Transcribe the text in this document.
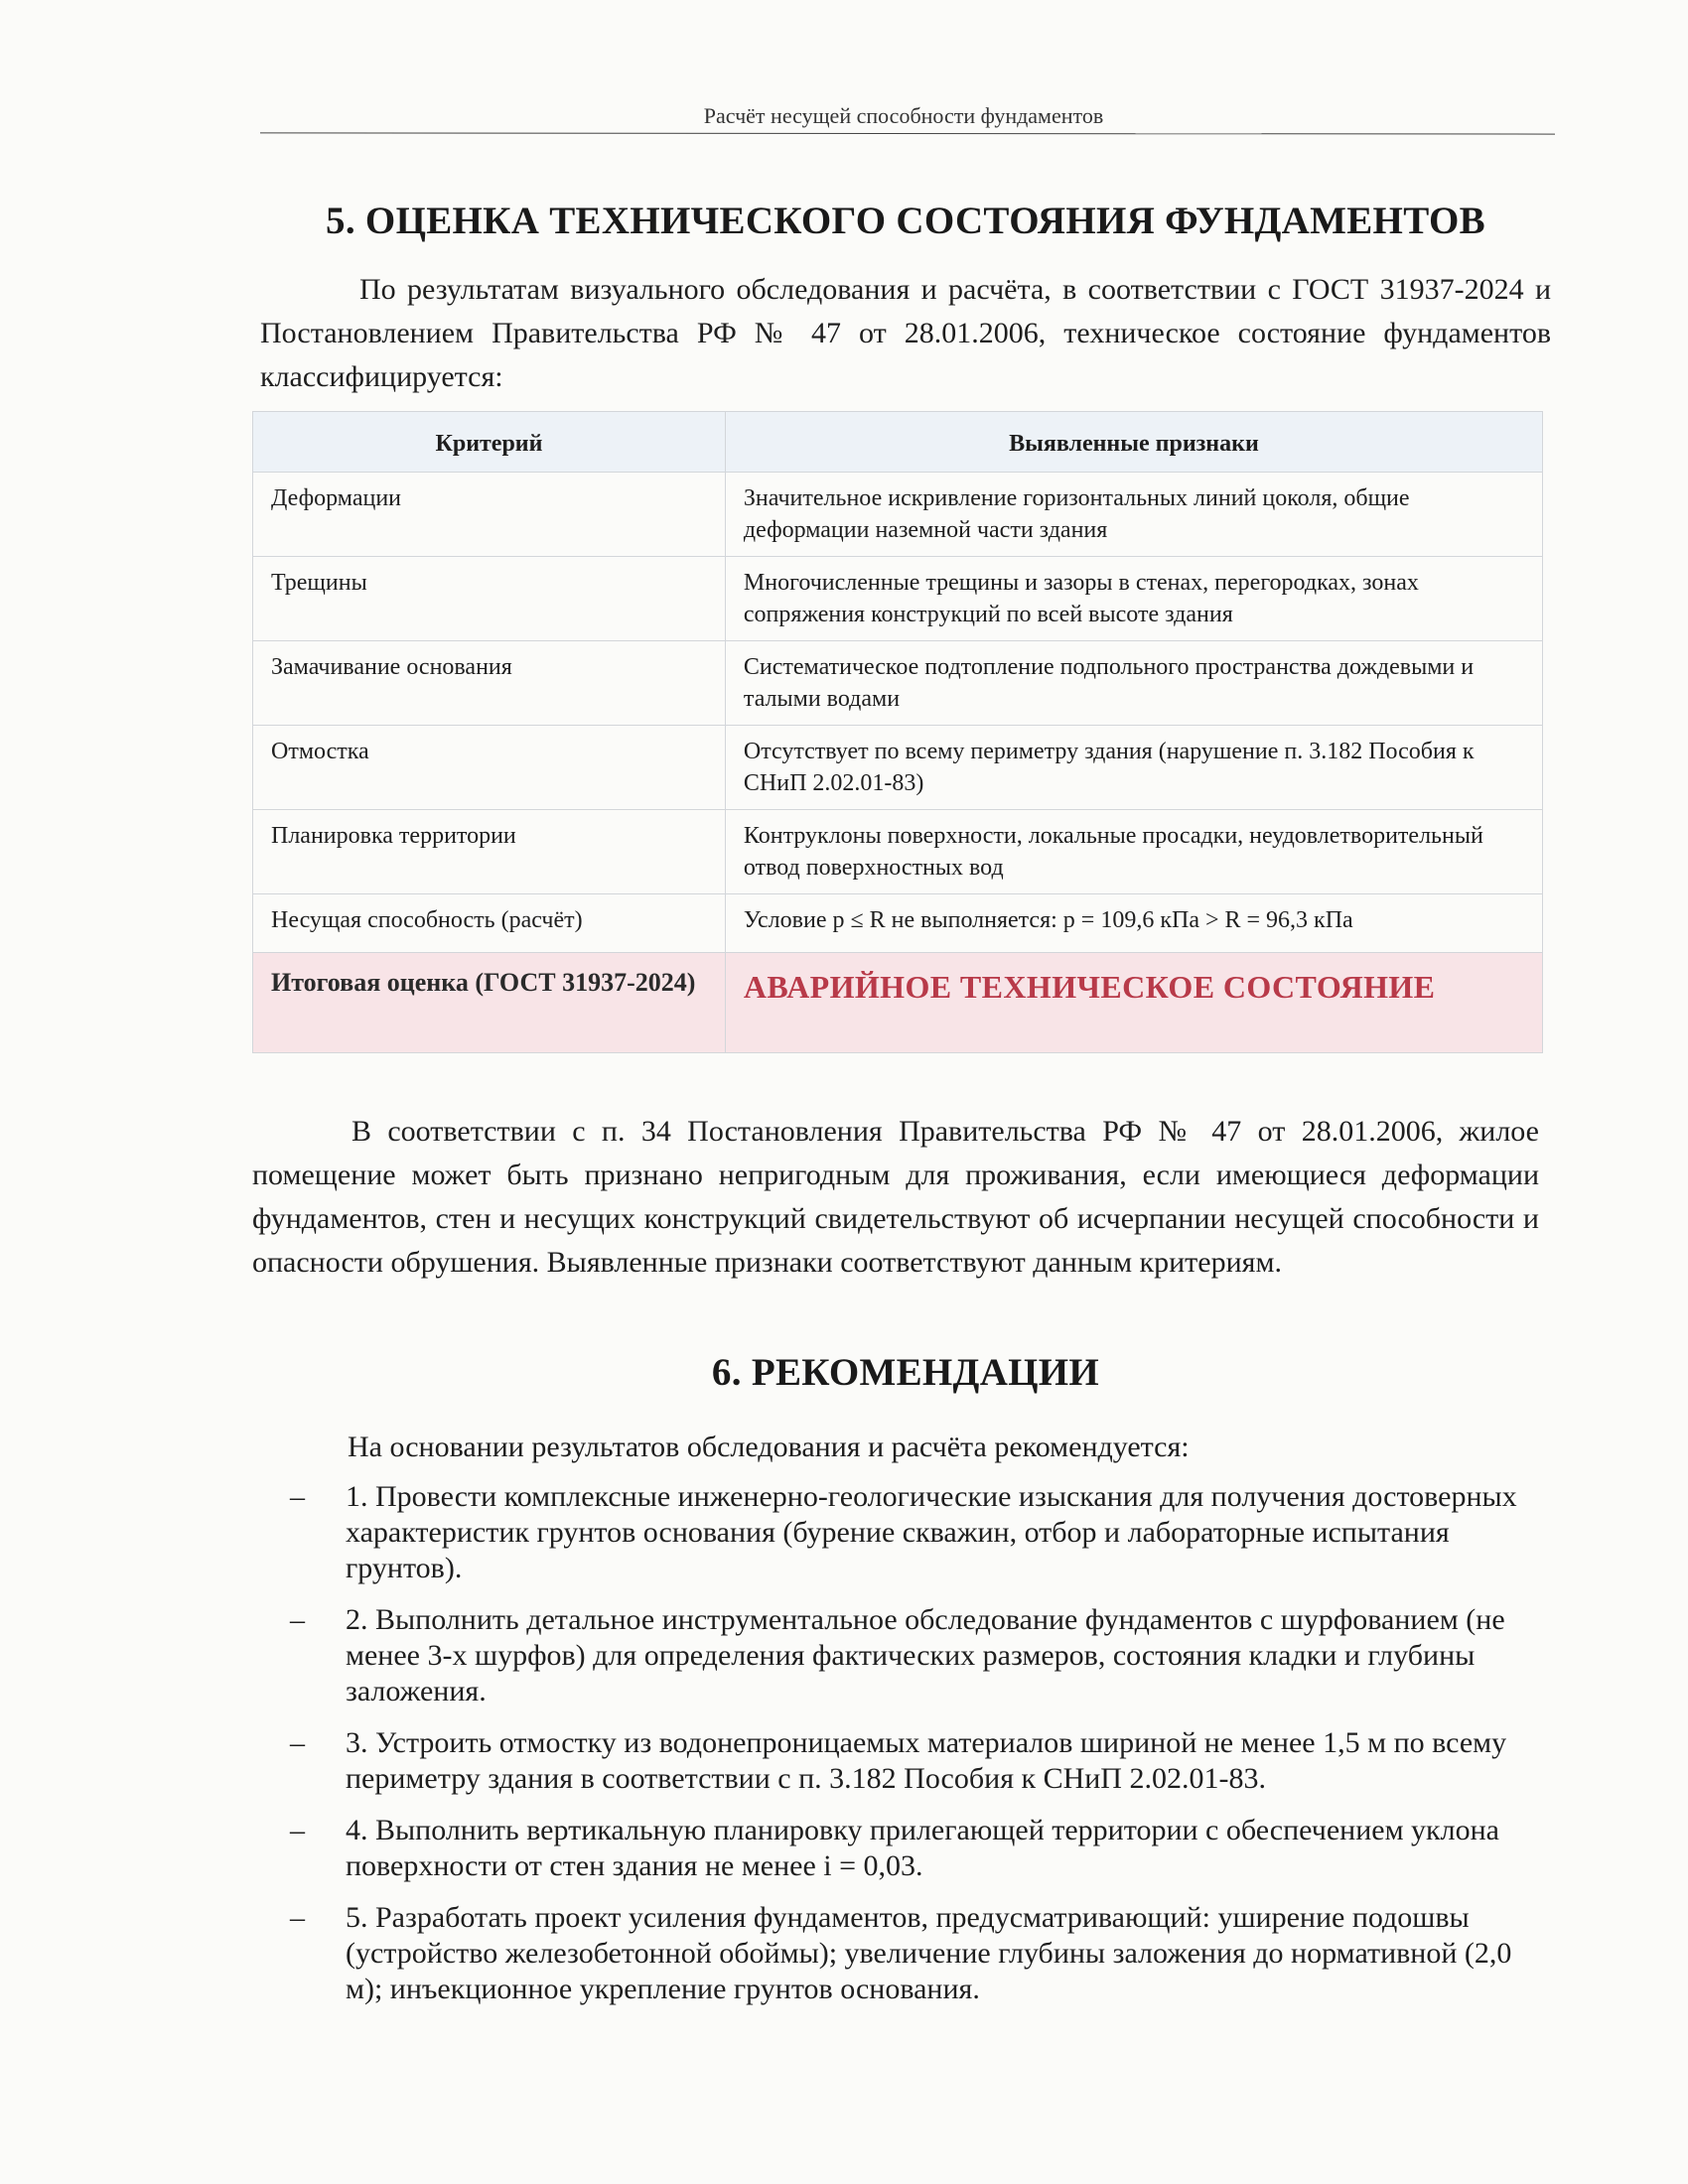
Расчёт несущей способности фундаментов
5. ОЦЕНКА ТЕХНИЧЕСКОГО СОСТОЯНИЯ ФУНДАМЕНТОВ
По результатам визуального обследования и расчёта, в соответствии с ГОСТ 31937-2024 и Постановлением Правительства РФ № 47 от 28.01.2006, техническое состояние фундаментов классифицируется:
Критерий	Выявленные признаки
Деформации	Значительное искривление горизонтальных линий цоколя, общие деформации наземной части здания
Трещины	Многочисленные трещины и зазоры в стенах, перегородках, зонах сопряжения конструкций по всей высоте здания
Замачивание основания	Систематическое подтопление подпольного пространства дождевыми и талыми водами
Отмостка	Отсутствует по всему периметру здания (нарушение п. 3.182 Пособия к СНиП 2.02.01-83)
Планировка территории	Контруклоны поверхности, локальные просадки, неудовлетворительный отвод поверхностных вод
Несущая способность (расчёт)	Условие p ≤ R не выполняется: p = 109,6 кПа > R = 96,3 кПа
Итоговая оценка (ГОСТ 31937-2024)	АВАРИЙНОЕ ТЕХНИЧЕСКОЕ СОСТОЯНИЕ
В соответствии с п. 34 Постановления Правительства РФ № 47 от 28.01.2006, жилое помещение может быть признано непригодным для проживания, если имеющиеся деформации фундаментов, стен и несущих конструкций свидетельствуют об исчерпании несущей способности и опасности обрушения. Выявленные признаки соответствуют данным критериям.
6. РЕКОМЕНДАЦИИ
На основании результатов обследования и расчёта рекомендуется:
–	1. Провести комплексные инженерно-геологические изыскания для получения достоверных характеристик грунтов основания (бурение скважин, отбор и лабораторные испытания грунтов).
–	2. Выполнить детальное инструментальное обследование фундаментов с шурфованием (не менее 3-х шурфов) для определения фактических размеров, состояния кладки и глубины заложения.
–	3. Устроить отмостку из водонепроницаемых материалов шириной не менее 1,5 м по всему периметру здания в соответствии с п. 3.182 Пособия к СНиП 2.02.01-83.
–	4. Выполнить вертикальную планировку прилегающей территории с обеспечением уклона поверхности от стен здания не менее i = 0,03.
–	5. Разработать проект усиления фундаментов, предусматривающий: уширение подошвы (устройство железобетонной обоймы); увеличение глубины заложения до нормативной (2,0 м); инъекционное укрепление грунтов основания.
